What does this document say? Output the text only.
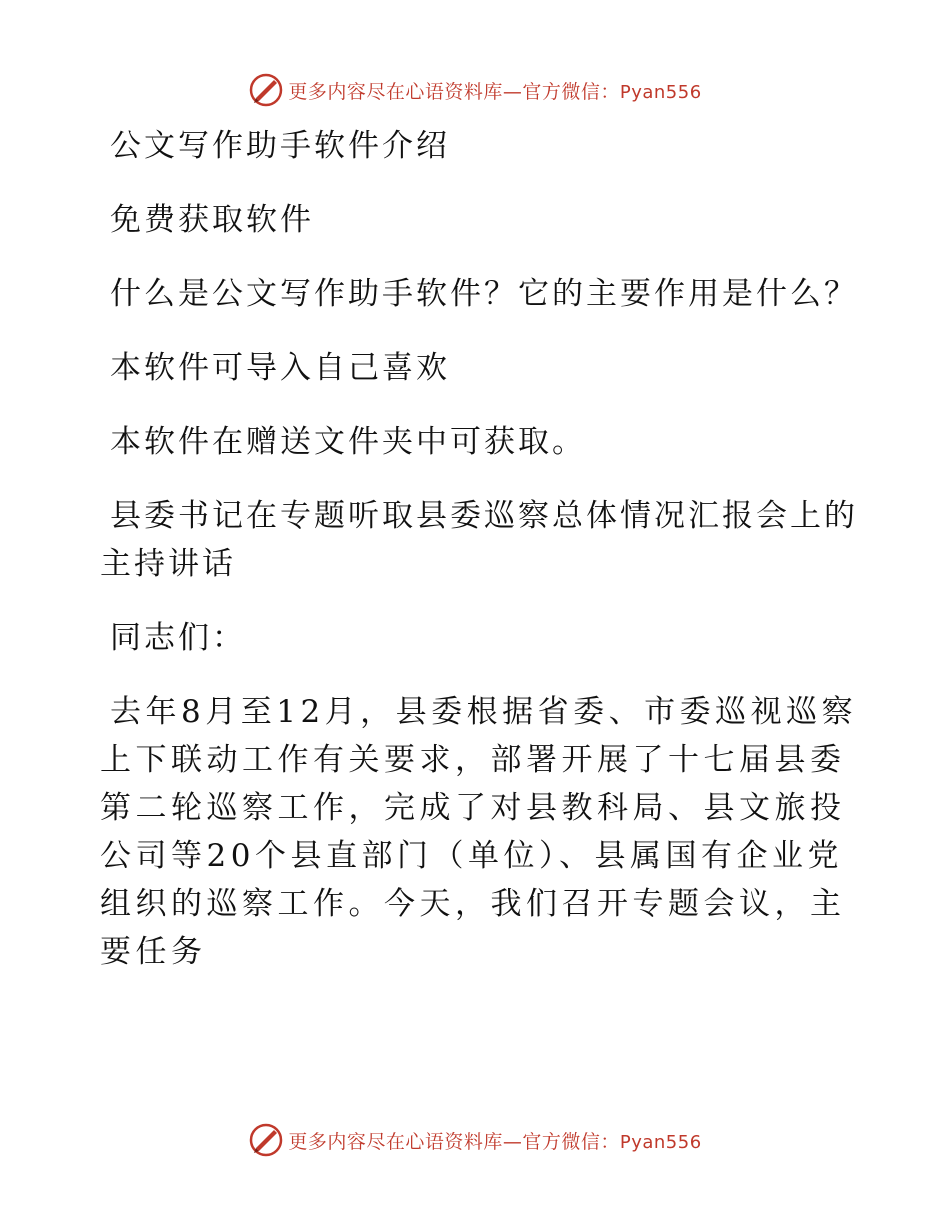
更多内容尽在心语资料库—官方微信：Pyan556

公文写作助手软件介绍

免费获取软件

什么是公文写作助手软件？它的主要作用是什么？

本软件可导入自己喜欢

本软件在赠送文件夹中可获取。

县委书记在专题听取县委巡察总体情况汇报会上的主持讲话

同志们：

去年8月至12月，县委根据省委、市委巡视巡察上下联动工作有关要求，部署开展了十七届县委第二轮巡察工作，完成了对县教科局、县文旅投公司等20个县直部门（单位）、县属国有企业党组织的巡察工作。今天，我们召开专题会议，主要任务

更多内容尽在心语资料库—官方微信：Pyan556
